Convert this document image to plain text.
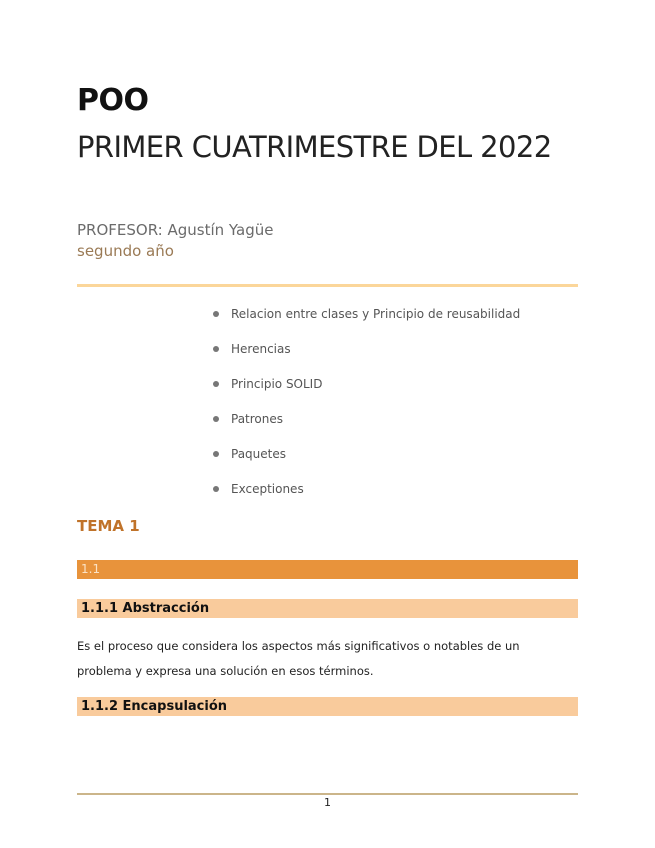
POO
PRIMER CUATRIMESTRE DEL 2022
PROFESOR: Agustín Yagüe
segundo año
Relacion entre clases y Principio de reusabilidad
Herencias
Principio SOLID
Patrones
Paquetes
Exceptiones
TEMA 1
1.1
1.1.1 Abstracción
Es el proceso que considera los aspectos más significativos o notables de un problema y expresa una solución en esos términos.
1.1.2 Encapsulación
1
